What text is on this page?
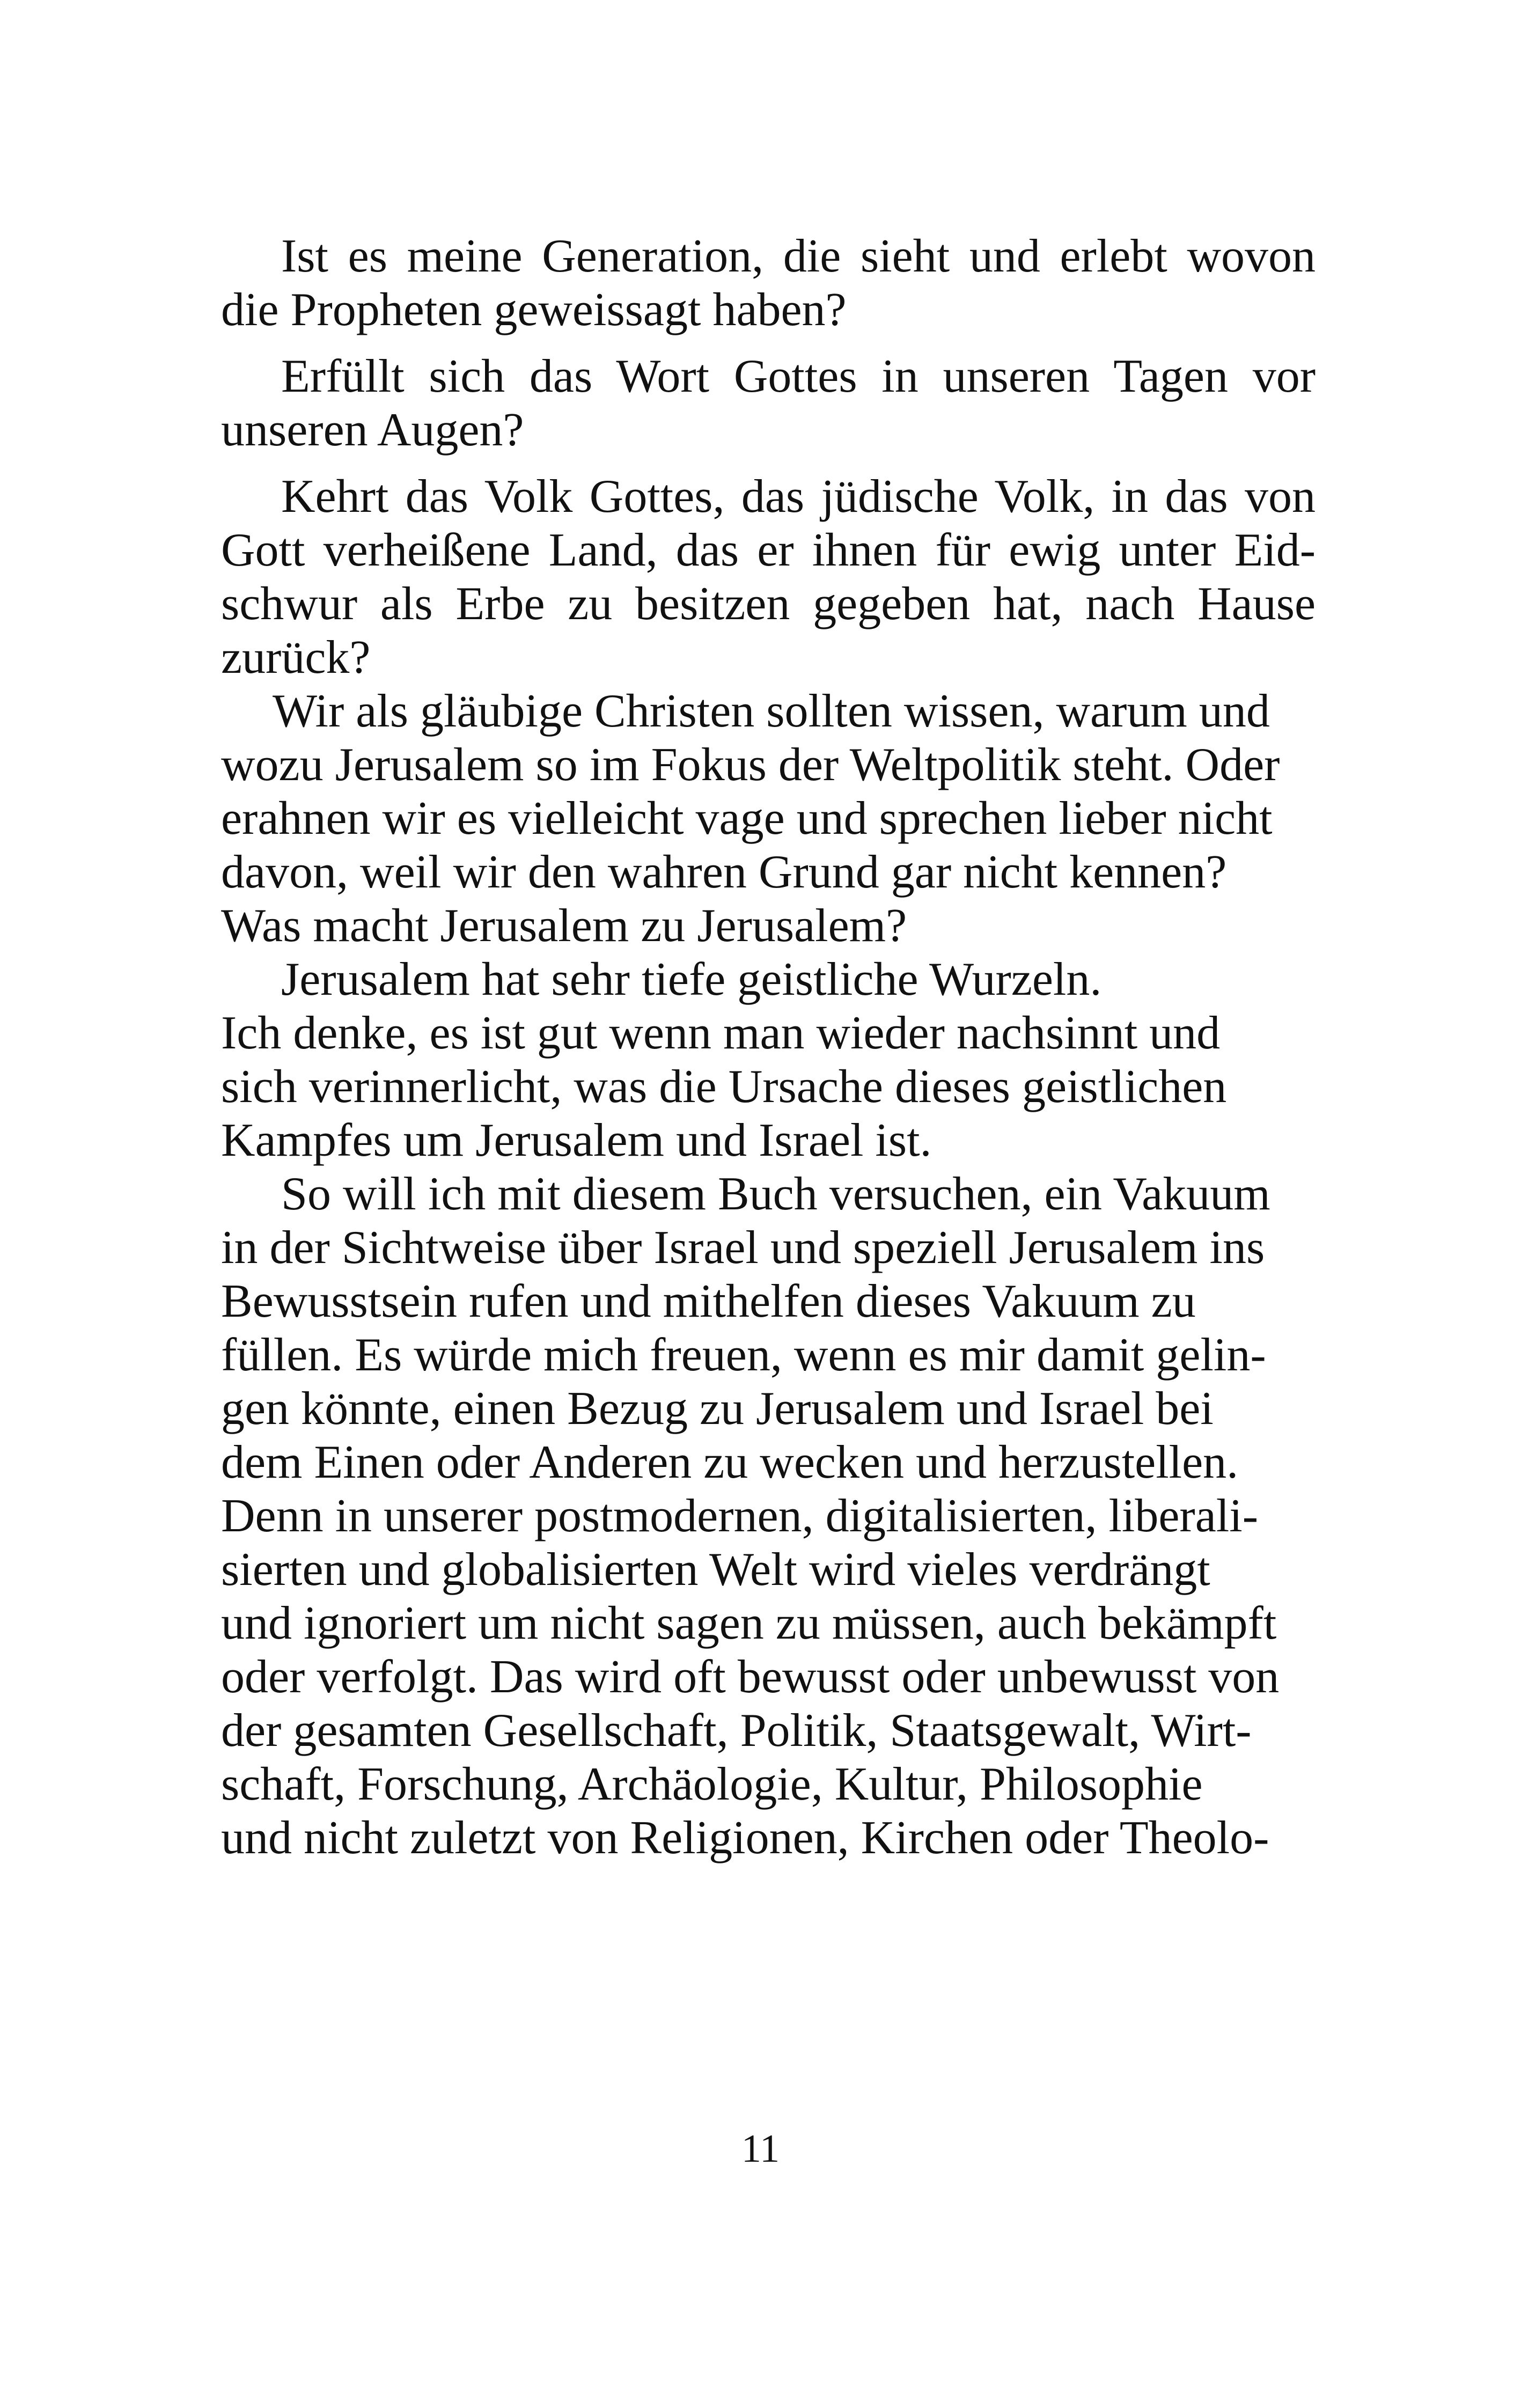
Ist es meine Generation, die sieht und erlebt wovon
die Propheten geweissagt haben?
Erfüllt sich das Wort Gottes in unseren Tagen vor
unseren Augen?
Kehrt das Volk Gottes, das jüdische Volk, in das von
Gott verheißene Land, das er ihnen für ewig unter Eid-
schwur als Erbe zu besitzen gegeben hat, nach Hause
zurück?
Wir als gläubige Christen sollten wissen, warum und
wozu Jerusalem so im Fokus der Weltpolitik steht. Oder
erahnen wir es vielleicht vage und sprechen lieber nicht
davon, weil wir den wahren Grund gar nicht kennen?
Was macht Jerusalem zu Jerusalem?
Jerusalem hat sehr tiefe geistliche Wurzeln.
Ich denke, es ist gut wenn man wieder nachsinnt und
sich verinnerlicht, was die Ursache dieses geistlichen
Kampfes um Jerusalem und Israel ist.
So will ich mit diesem Buch versuchen, ein Vakuum
in der Sichtweise über Israel und speziell Jerusalem ins
Bewusstsein rufen und mithelfen dieses Vakuum zu
füllen. Es würde mich freuen, wenn es mir damit gelin-
gen könnte, einen Bezug zu Jerusalem und Israel bei
dem Einen oder Anderen zu wecken und herzustellen.
Denn in unserer postmodernen, digitalisierten, liberali-
sierten und globalisierten Welt wird vieles verdrängt
und ignoriert um nicht sagen zu müssen, auch bekämpft
oder verfolgt. Das wird oft bewusst oder unbewusst von
der gesamten Gesellschaft, Politik, Staatsgewalt, Wirt-
schaft, Forschung, Archäologie, Kultur, Philosophie
und nicht zuletzt von Religionen, Kirchen oder Theolo-
11
